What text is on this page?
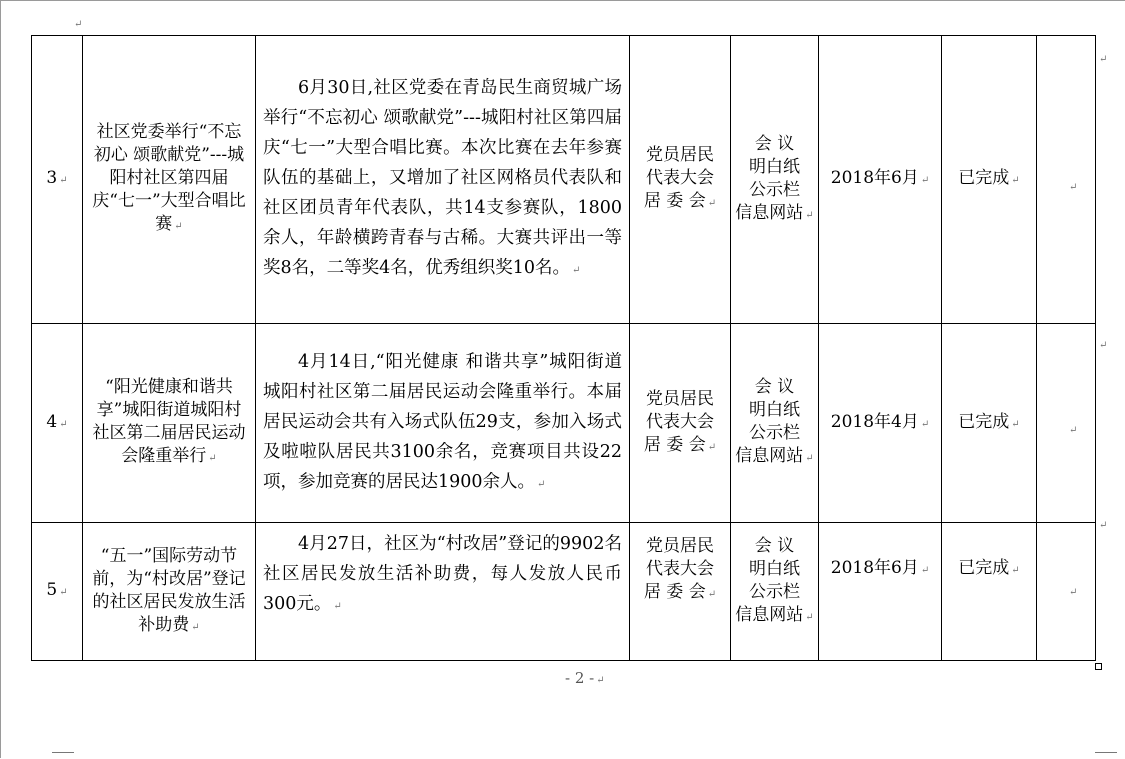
↵
↵
↵
↵
3 ↵	社区党委举行“不忘初心 颂歌献党”---城阳村社区第四届庆“七一”大型合唱比赛 ↵	6月30日,社区党委在青岛民生商贸城广场举行“不忘初心 颂歌献党”---城阳村社区第四届庆“七一”大型合唱比赛。本次比赛在去年参赛队伍的基础上，又增加了社区网格员代表队和社区团员青年代表队，共14支参赛队，1800余人，年龄横跨青春与古稀。大赛共评出一等奖8名，二等奖4名，优秀组织奖10名。 ↵	党员居民
代表大会
居 委 会 ↵	会 议
明白纸
公示栏
信息网站 ↵	2018年6月 ↵	已完成 ↵	↵

4 ↵	“阳光健康和谐共享”城阳街道城阳村社区第二届居民运动会隆重举行 ↵	4月14日,“阳光健康 和谐共享”城阳街道城阳村社区第二届居民运动会隆重举行。本届居民运动会共有入场式队伍29支，参加入场式及啦啦队居民共3100余名，竞赛项目共设22项，参加竞赛的居民达1900余人。 ↵	党员居民
代表大会
居 委 会 ↵	会 议
明白纸
公示栏
信息网站 ↵	2018年4月 ↵	已完成 ↵	↵

5 ↵	“五一”国际劳动节前，为“村改居”登记的社区居民发放生活补助费 ↵	4月27日，社区为“村改居”登记的9902名社区居民发放生活补助费，每人发放人民币300元。 ↵	党员居民
代表大会
居 委 会 ↵	会 议
明白纸
公示栏
信息网站 ↵	2018年6月 ↵	已完成 ↵	↵
- 2 - ↵
